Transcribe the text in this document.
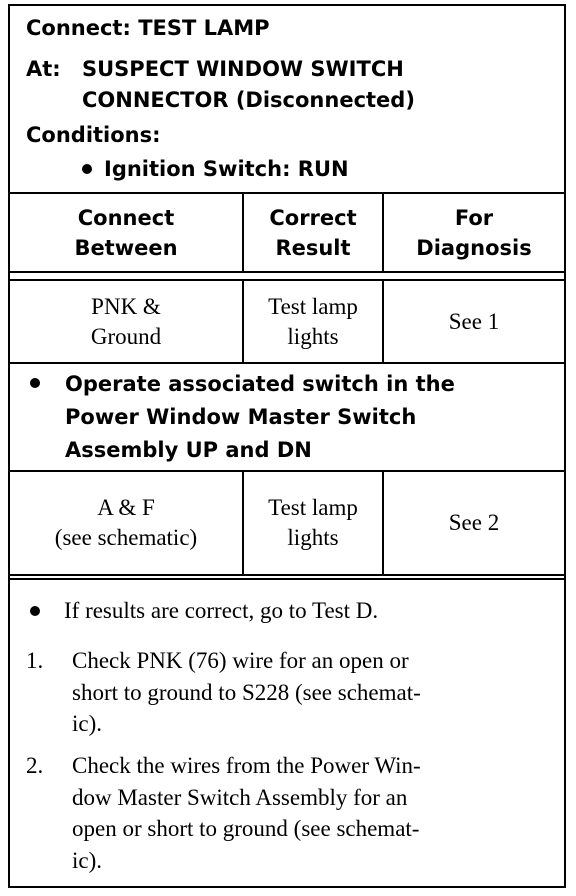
Connect: TEST LAMP
At: SUSPECT WINDOW SWITCH
CONNECTOR (Disconnected)
Conditions:
Ignition Switch: RUN
Connect
Between
Correct
Result
For
Diagnosis
PNK &
Ground
Test lamp
lights
See 1
Operate associated switch in the
Power Window Master Switch
Assembly UP and DN
A & F
(see schematic)
Test lamp
lights
See 2
If results are correct, go to Test D.
1. Check PNK (76) wire for an open or
short to ground to S228 (see schemat-
ic).
2. Check the wires from the Power Win-
dow Master Switch Assembly for an
open or short to ground (see schemat-
ic).
